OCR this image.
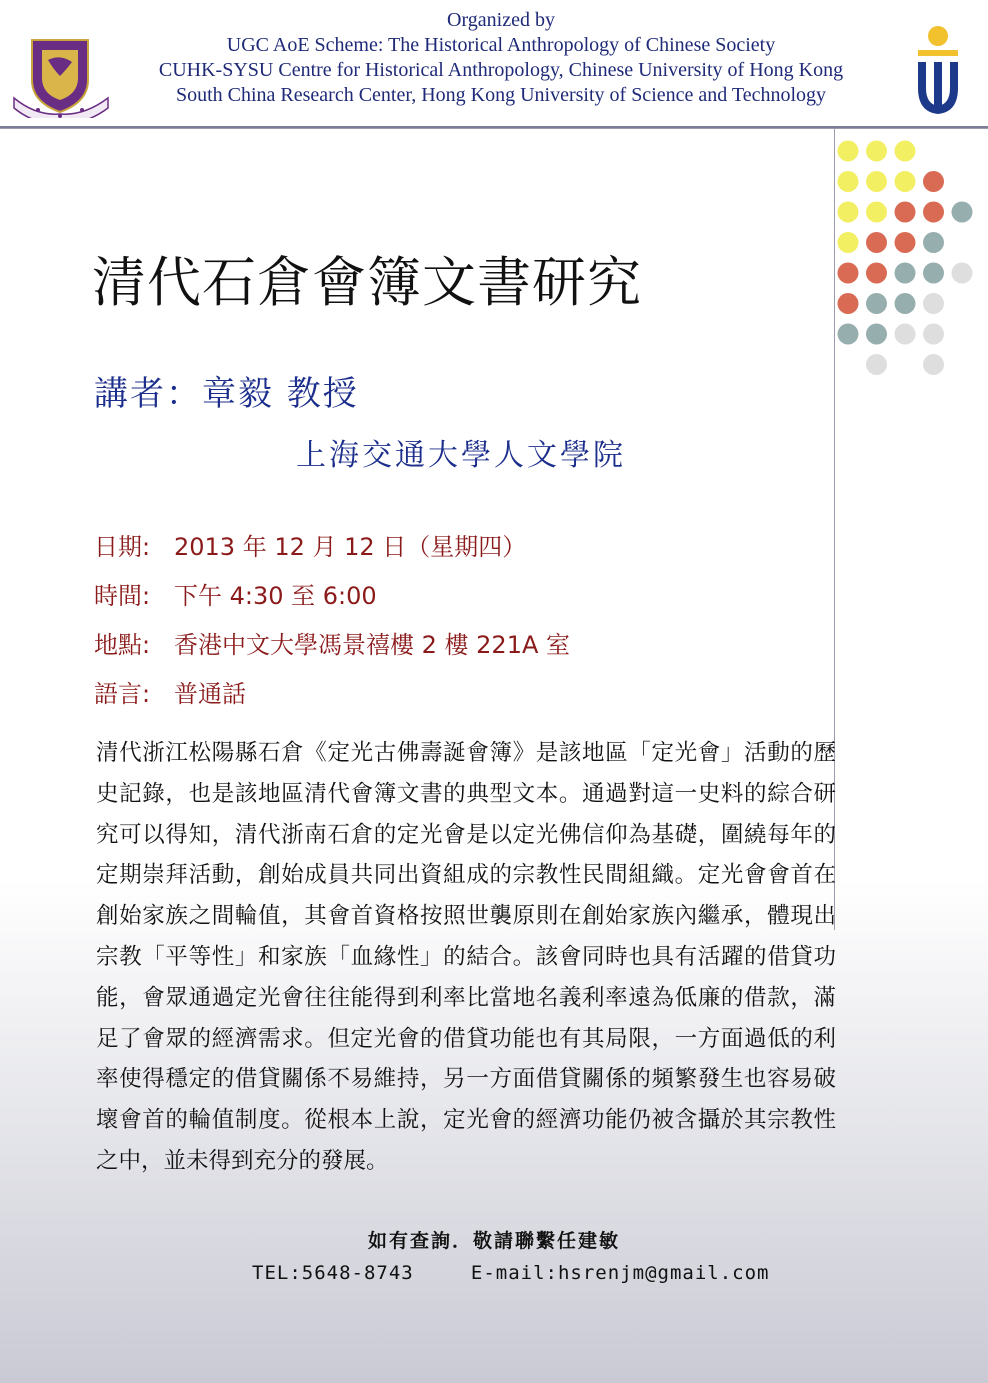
Organized by
UGC AoE Scheme: The Historical Anthropology of Chinese Society
CUHK-SYSU Centre for Historical Anthropology, Chinese University of Hong Kong
South China Research Center, Hong Kong University of Science and Technology
清代石倉會簿文書研究
講者：章毅 教授
上海交通大學人文學院
日期: 2013 年 12 月 12 日（星期四）
時間: 下午 4:30 至 6:00
地點: 香港中文大學馮景禧樓 2 樓 221A 室
語言: 普通話
清代浙江松陽縣石倉《定光古佛壽誕會簿》是該地區「定光會」活動的歷史記錄，也是該地區清代會簿文書的典型文本。通過對這一史料的綜合研究可以得知，清代浙南石倉的定光會是以定光佛信仰為基礎，圍繞每年的定期崇拜活動，創始成員共同出資組成的宗教性民間組織。定光會會首在創始家族之間輪值，其會首資格按照世襲原則在創始家族內繼承，體現出宗教「平等性」和家族「血緣性」的結合。該會同時也具有活躍的借貸功能，會眾通過定光會往往能得到利率比當地名義利率遠為低廉的借款，滿足了會眾的經濟需求。但定光會的借貸功能也有其局限，一方面過低的利率使得穩定的借貸關係不易維持，另一方面借貸關係的頻繁發生也容易破壞會首的輪值制度。從根本上說，定光會的經濟功能仍被含攝於其宗教性之中，並未得到充分的發展。
如有查詢．敬請聯繫任建敏
TEL:5648-8743	E-mail:hsrenjm@gmail.com
